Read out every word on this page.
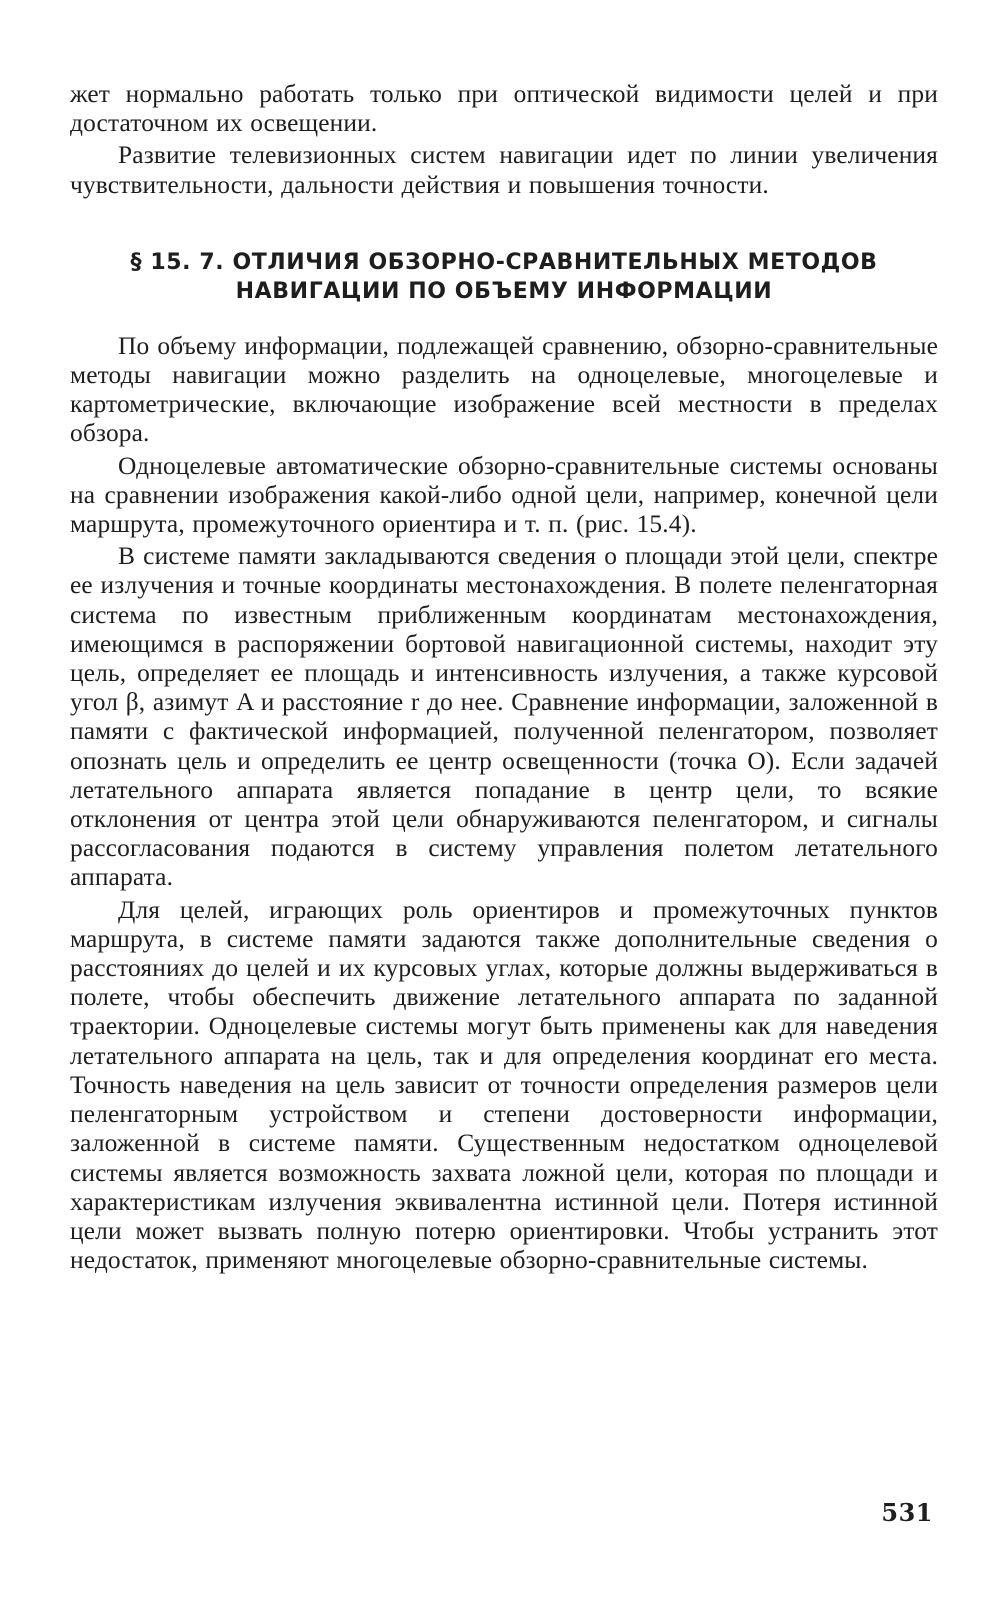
жет нормально работать только при оптической видимости целей и при достаточном их освещении.

Развитие телевизионных систем навигации идет по линии увеличения чувствительности, дальности действия и повышения точности.

§ 15. 7. ОТЛИЧИЯ ОБЗОРНО-СРАВНИТЕЛЬНЫХ МЕТОДОВ
НАВИГАЦИИ ПО ОБЪЕМУ ИНФОРМАЦИИ

По объему информации, подлежащей сравнению, обзорно-сравнительные методы навигации можно разделить на одноцелевые, многоцелевые и картометрические, включающие изображение всей местности в пределах обзора.

Одноцелевые автоматические обзорно-сравнительные системы основаны на сравнении изображения какой-либо одной цели, например, конечной цели маршрута, промежуточного ориентира и т. п. (рис. 15.4).

В системе памяти закладываются сведения о площади этой цели, спектре ее излучения и точные координаты местонахождения. В полете пеленгаторная система по известным приближенным координатам местонахождения, имеющимся в распоряжении бортовой навигационной системы, находит эту цель, определяет ее площадь и интенсивность излучения, а также курсовой угол β, азимут A и расстояние r до нее. Сравнение информации, заложенной в памяти с фактической информацией, полученной пеленгатором, позволяет опознать цель и определить ее центр освещенности (точка O). Если задачей летательного аппарата является попадание в центр цели, то всякие отклонения от центра этой цели обнаруживаются пеленгатором, и сигналы рассогласования подаются в систему управления полетом летательного аппарата.

Для целей, играющих роль ориентиров и промежуточных пунктов маршрута, в системе памяти задаются также дополнительные сведения о расстояниях до целей и их курсовых углах, которые должны выдерживаться в полете, чтобы обеспечить движение летательного аппарата по заданной траектории. Одноцелевые системы могут быть применены как для наведения летательного аппарата на цель, так и для определения координат его места. Точность наведения на цель зависит от точности определения размеров цели пеленгаторным устройством и степени достоверности информации, заложенной в системе памяти. Существенным недостатком одноцелевой системы является возможность захвата ложной цели, которая по площади и характеристикам излучения эквивалентна истинной цели. Потеря истинной цели может вызвать полную потерю ориентировки. Чтобы устранить этот недостаток, применяют многоцелевые обзорно-сравнительные системы.

531
